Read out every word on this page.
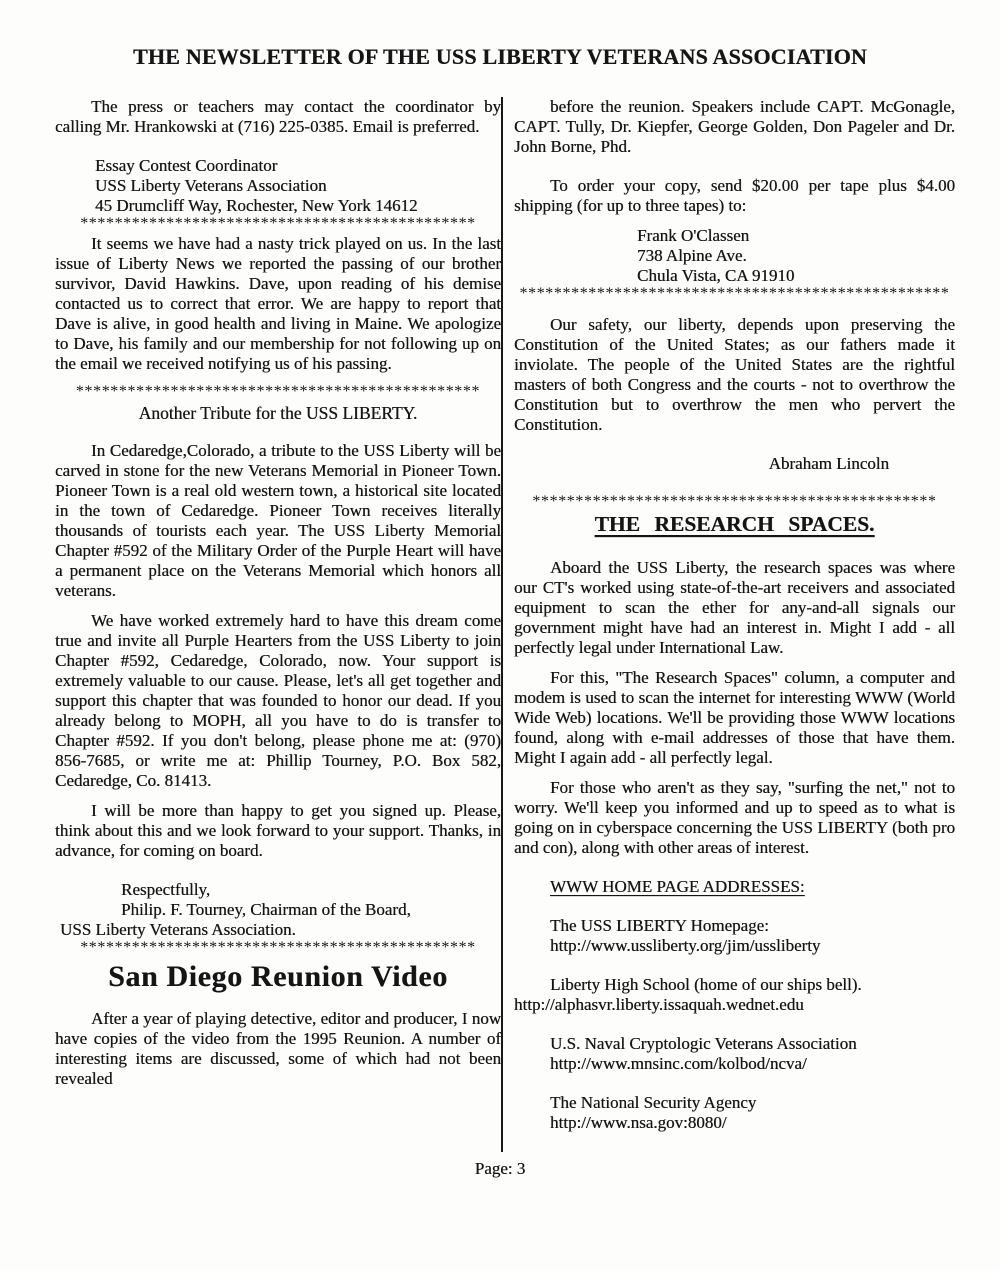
THE NEWSLETTER OF THE USS LIBERTY VETERANS ASSOCIATION

The press or teachers may contact the coordinator by calling Mr. Hrankowski at (716) 225-0385. Email is preferred.

Essay Contest Coordinator
USS Liberty Veterans Association
45 Drumcliff Way, Rochester, New York 14612
**********************************************

It seems we have had a nasty trick played on us. In the last issue of Liberty News we reported the passing of our brother survivor, David Hawkins. Dave, upon reading of his demise contacted us to correct that error. We are happy to report that Dave is alive, in good health and living in Maine. We apologize to Dave, his family and our membership for not following up on the email we received notifying us of his passing.

***********************************************
Another Tribute for the USS LIBERTY.

In Cedaredge,Colorado, a tribute to the USS Liberty will be carved in stone for the new Veterans Memorial in Pioneer Town. Pioneer Town is a real old western town, a historical site located in the town of Cedaredge. Pioneer Town receives literally thousands of tourists each year. The USS Liberty Memorial Chapter #592 of the Military Order of the Purple Heart will have a permanent place on the Veterans Memorial which honors all veterans.

We have worked extremely hard to have this dream come true and invite all Purple Hearters from the USS Liberty to join Chapter #592, Cedaredge, Colorado, now. Your support is extremely valuable to our cause. Please, let's all get together and support this chapter that was founded to honor our dead. If you already belong to MOPH, all you have to do is transfer to Chapter #592. If you don't belong, please phone me at: (970) 856-7685, or write me at: Phillip Tourney, P.O. Box 582, Cedaredge, Co. 81413.

I will be more than happy to get you signed up. Please, think about this and we look forward to your support. Thanks, in advance, for coming on board.

Respectfully,
Philip. F. Tourney, Chairman of the Board,
USS Liberty Veterans Association.
**********************************************
San Diego Reunion Video

After a year of playing detective, editor and producer, I now have copies of the video from the 1995 Reunion. A number of interesting items are discussed, some of which had not been revealed

before the reunion. Speakers include CAPT. McGonagle, CAPT. Tully, Dr. Kiepfer, George Golden, Don Pageler and Dr. John Borne, Phd.

To order your copy, send $20.00 per tape plus $4.00 shipping (for up to three tapes) to:

Frank O'Classen
738 Alpine Ave.
Chula Vista, CA 91910
**************************************************

Our safety, our liberty, depends upon preserving the Constitution of the United States; as our fathers made it inviolate. The people of the United States are the rightful masters of both Congress and the courts - not to overthrow the Constitution but to overthrow the men who pervert the Constitution.

Abraham Lincoln
***********************************************
THE RESEARCH SPACES.

Aboard the USS Liberty, the research spaces was where our CT's worked using state-of-the-art receivers and associated equipment to scan the ether for any-and-all signals our government might have had an interest in. Might I add - all perfectly legal under International Law.

For this, "The Research Spaces" column, a computer and modem is used to scan the internet for interesting WWW (World Wide Web) locations. We'll be providing those WWW locations found, along with e-mail addresses of those that have them. Might I again add - all perfectly legal.

For those who aren't as they say, "surfing the net," not to worry. We'll keep you informed and up to speed as to what is going on in cyberspace concerning the USS LIBERTY (both pro and con), along with other areas of interest.

WWW HOME PAGE ADDRESSES:
The USS LIBERTY Homepage:
http://www.ussliberty.org/jim/ussliberty
Liberty High School (home of our ships bell).
http://alphasvr.liberty.issaquah.wednet.edu
U.S. Naval Cryptologic Veterans Association
http://www.mnsinc.com/kolbod/ncva/
The National Security Agency
http://www.nsa.gov:8080/
Page: 3
